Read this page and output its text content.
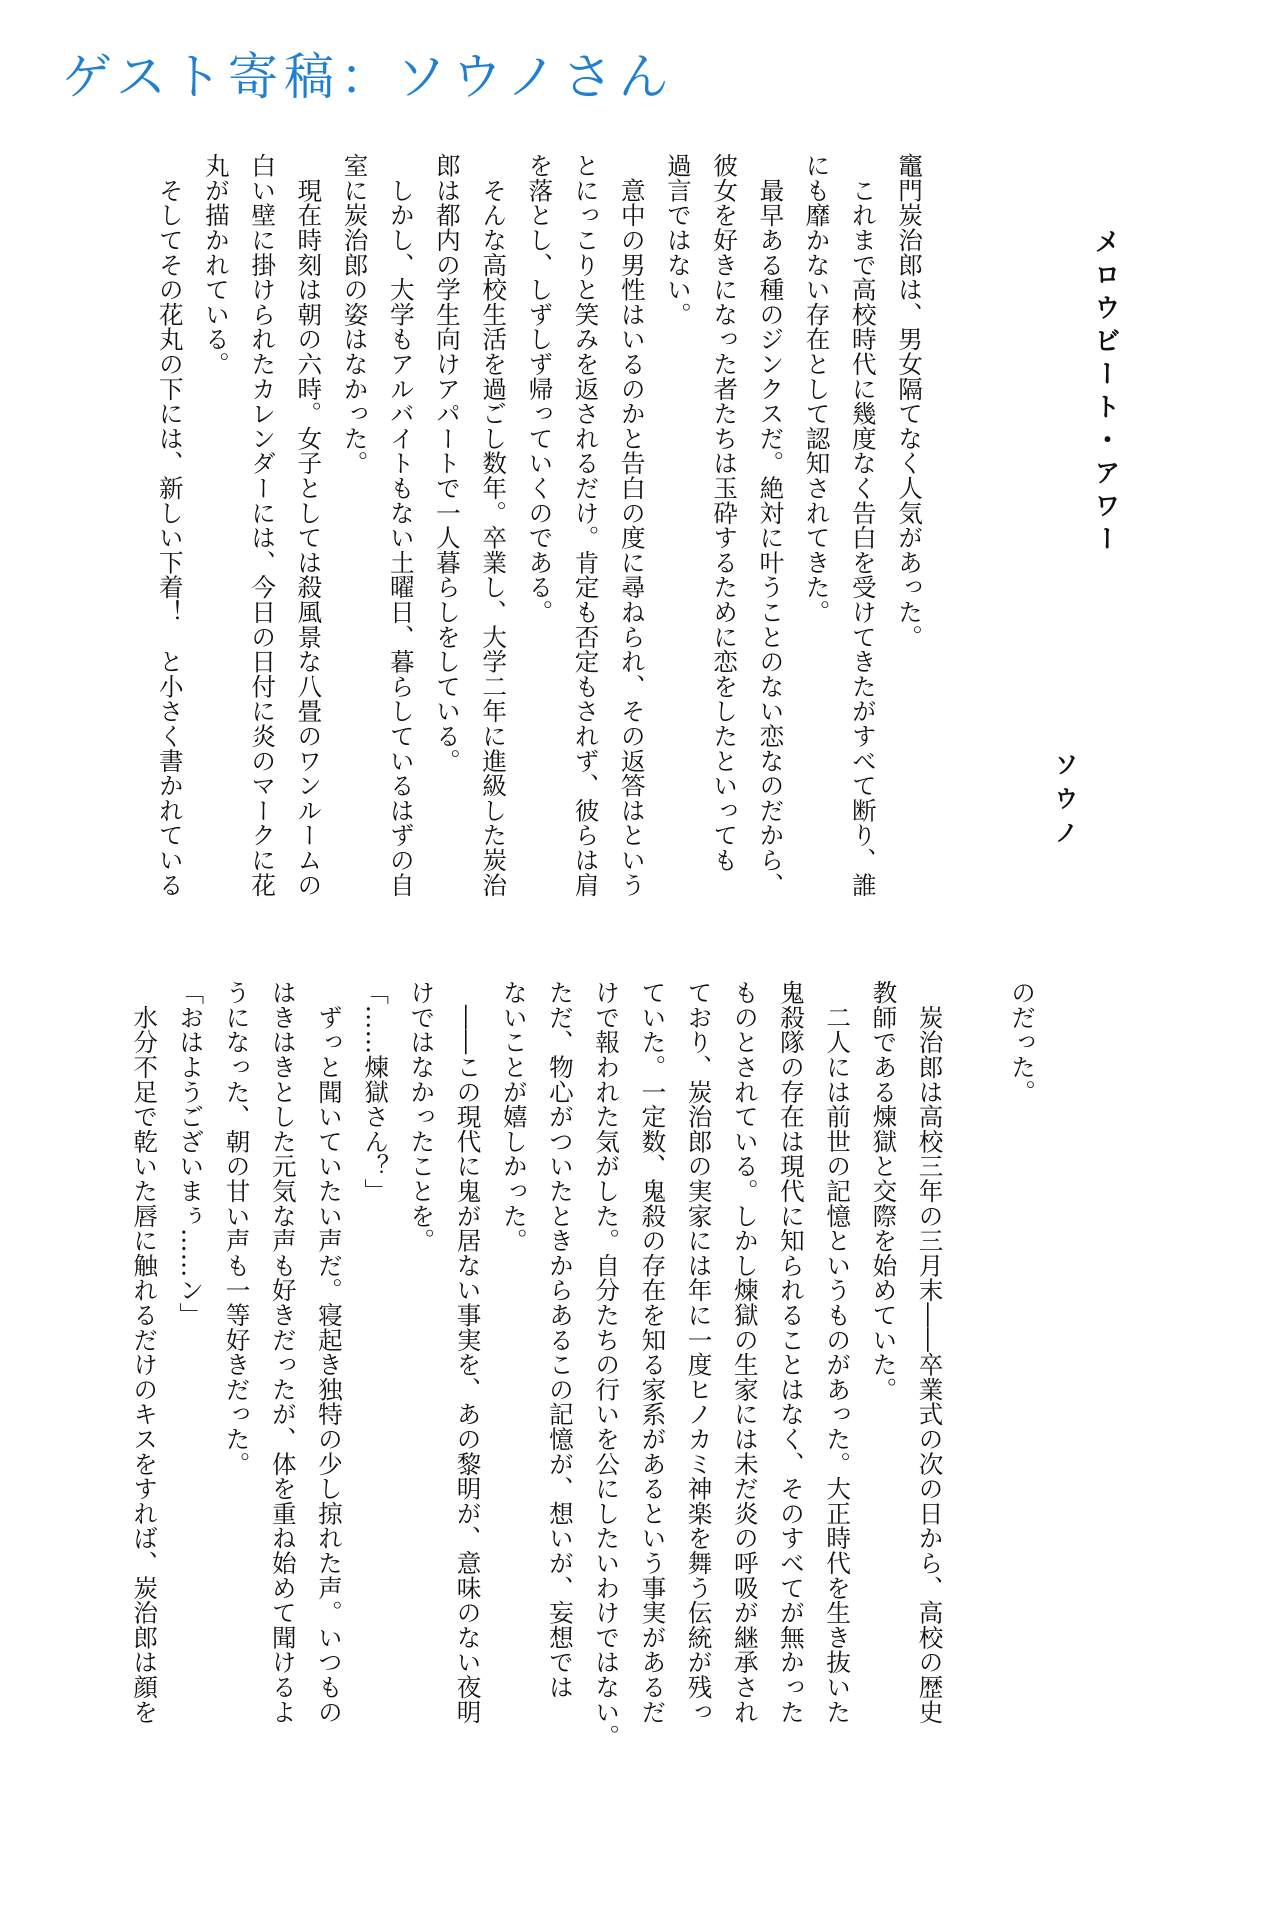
ゲスト寄稿：ソウノさん
メロウビート・アワー
ソウノ
竈門炭治郎は、男女隔てなく人気があった。
　これまで高校時代に幾度なく告白を受けてきたがすべて断り、誰
にも靡かない存在として認知されてきた。
　最早ある種のジンクスだ。絶対に叶うことのない恋なのだから、
彼女を好きになった者たちは玉砕するために恋をしたといっても
過言ではない。
　意中の男性はいるのかと告白の度に尋ねられ、その返答はという
とにっこりと笑みを返されるだけ。肯定も否定もされず、彼らは肩
を落とし、しずしず帰っていくのである。
　そんな高校生活を過ごし数年。卒業し、大学二年に進級した炭治
郎は都内の学生向けアパートで一人暮らしをしている。
　しかし、大学もアルバイトもない土曜日、暮らしているはずの自
室に炭治郎の姿はなかった。
　現在時刻は朝の六時。女子としては殺風景な八畳のワンルームの
白い壁に掛けられたカレンダーには、今日の日付に炎のマークに花
丸が描かれている。
　そしてその花丸の下には、新しい下着！　と小さく書かれている
のだった。

　炭治郎は高校三年の三月末――卒業式の次の日から、高校の歴史
教師である煉獄と交際を始めていた。
　二人には前世の記憶というものがあった。大正時代を生き抜いた
鬼殺隊の存在は現代に知られることはなく、そのすべてが無かった
ものとされている。しかし煉獄の生家には未だ炎の呼吸が継承され
ており、炭治郎の実家には年に一度ヒノカミ神楽を舞う伝統が残っ
ていた。一定数、鬼殺の存在を知る家系があるという事実があるだ
けで報われた気がした。自分たちの行いを公にしたいわけではない。
ただ、物心がついたときからあるこの記憶が、想いが、妄想では
ないことが嬉しかった。
　――この現代に鬼が居ない事実を、あの黎明が、意味のない夜明
けではなかったことを。
「……煉獄さん？」
　ずっと聞いていたい声だ。寝起き独特の少し掠れた声。いつもの
はきはきとした元気な声も好きだったが、体を重ね始めて聞けるよ
うになった、朝の甘い声も一等好きだった。
「おはようございまぅ……ン」
　水分不足で乾いた唇に触れるだけのキスをすれば、炭治郎は顔を
